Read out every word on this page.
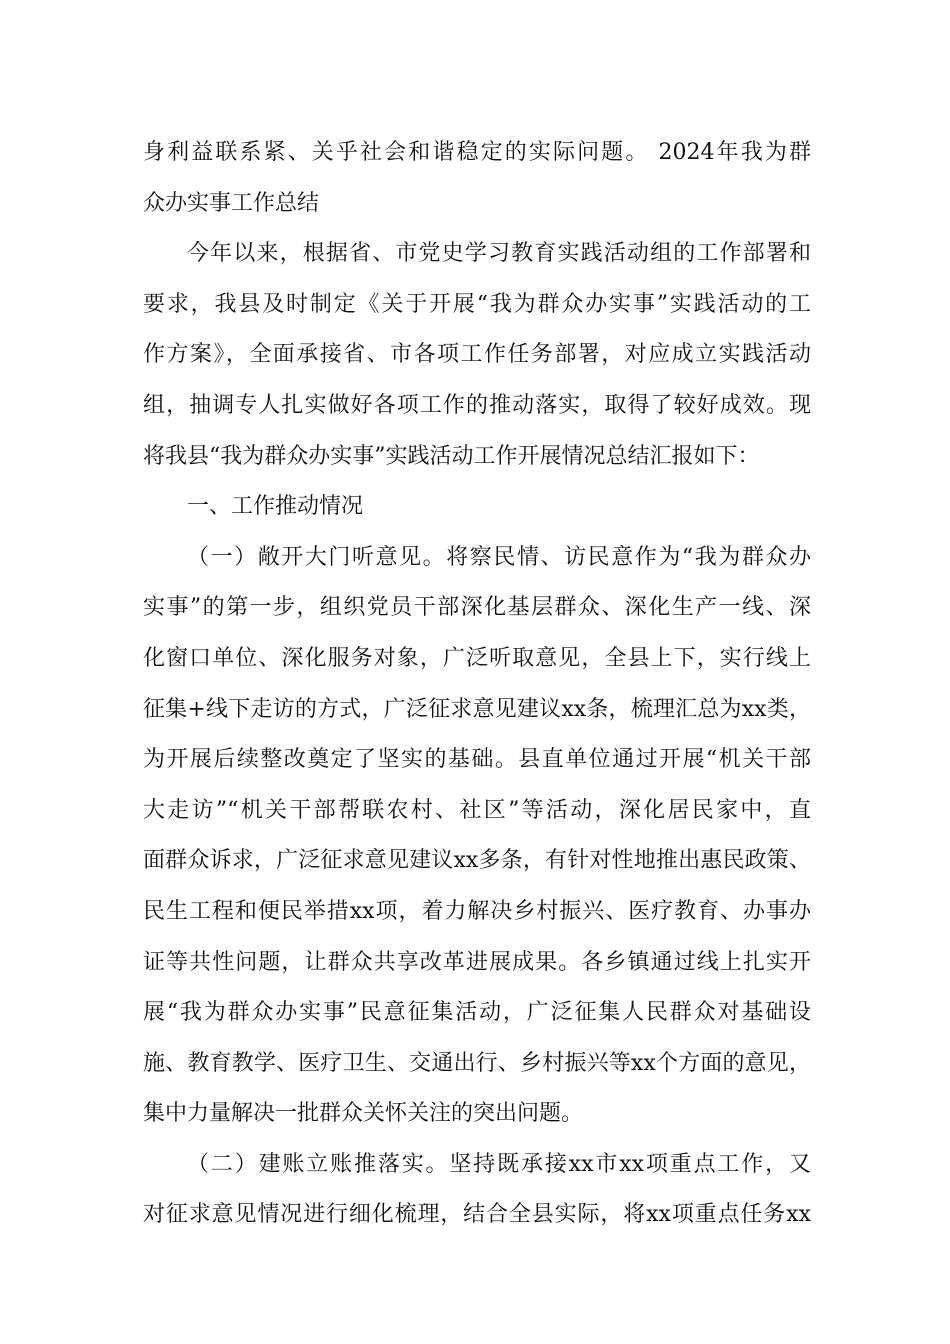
身利益联系紧、关乎社会和谐稳定的实际问题。 2024年我为群
众办实事工作总结
今年以来，根据省、市党史学习教育实践活动组的工作部署和
要求，我县及时制定《关于开展“我为群众办实事”实践活动的工
作方案》，全面承接省、市各项工作任务部署，对应成立实践活动
组，抽调专人扎实做好各项工作的推动落实，取得了较好成效。现
将我县“我为群众办实事”实践活动工作开展情况总结汇报如下：
一、工作推动情况
（一）敞开大门听意见。将察民情、访民意作为“我为群众办
实事”的第一步，组织党员干部深化基层群众、深化生产一线、深
化窗口单位、深化服务对象，广泛听取意见，全县上下，实行线上
征集+线下走访的方式，广泛征求意见建议xx条，梳理汇总为xx类，
为开展后续整改奠定了坚实的基础。县直单位通过开展“机关干部
大走访”“机关干部帮联农村、社区”等活动，深化居民家中，直
面群众诉求，广泛征求意见建议xx多条，有针对性地推出惠民政策、
民生工程和便民举措xx项，着力解决乡村振兴、医疗教育、办事办
证等共性问题，让群众共享改革进展成果。各乡镇通过线上扎实开
展“我为群众办实事”民意征集活动，广泛征集人民群众对基础设
施、教育教学、医疗卫生、交通出行、乡村振兴等xx个方面的意见，
集中力量解决一批群众关怀关注的突出问题。
（二）建账立账推落实。坚持既承接xx市xx项重点工作，又
对征求意见情况进行细化梳理，结合全县实际，将xx项重点任务xx
